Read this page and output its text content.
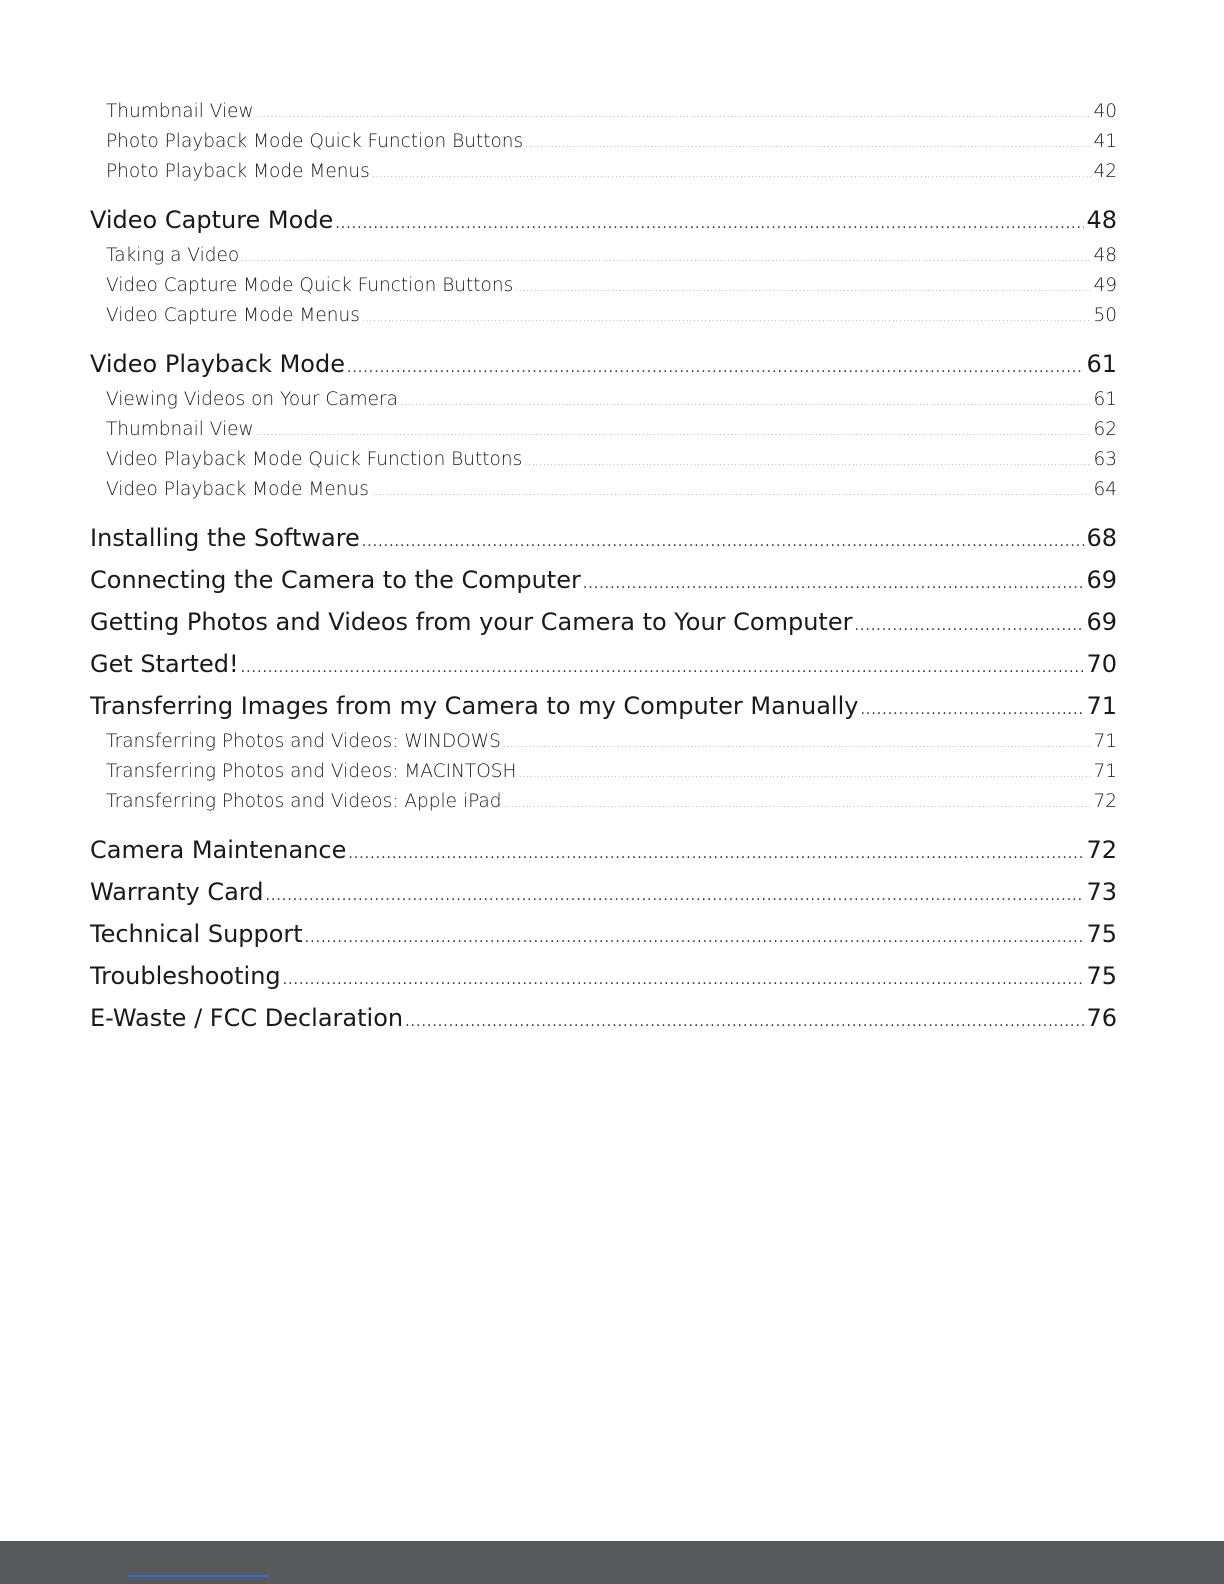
Thumbnail View .....	40
Photo Playback Mode Quick Function Buttons .....	41
Photo Playback Mode Menus .....	42
Video Capture Mode .....	48
Taking a Video .....	48
Video Capture Mode Quick Function Buttons .....	49
Video Capture Mode Menus .....	50
Video Playback Mode .....	61
Viewing Videos on Your Camera .....	61
Thumbnail View .....	62
Video Playback Mode Quick Function Buttons .....	63
Video Playback Mode Menus .....	64
Installing the Software .....	68
Connecting the Camera to the Computer .....	69
Getting Photos and Videos from your Camera to Your Computer .....	69
Get Started! .....	70
Transferring Images from my Camera to my Computer Manually .....	71
Transferring Photos and Videos: WINDOWS .....	71
Transferring Photos and Videos: MACINTOSH .....	71
Transferring Photos and Videos: Apple iPad .....	72
Camera Maintenance .....	72
Warranty Card .....	73
Technical Support .....	75
Troubleshooting .....	75
E-Waste / FCC Declaration .....	76
